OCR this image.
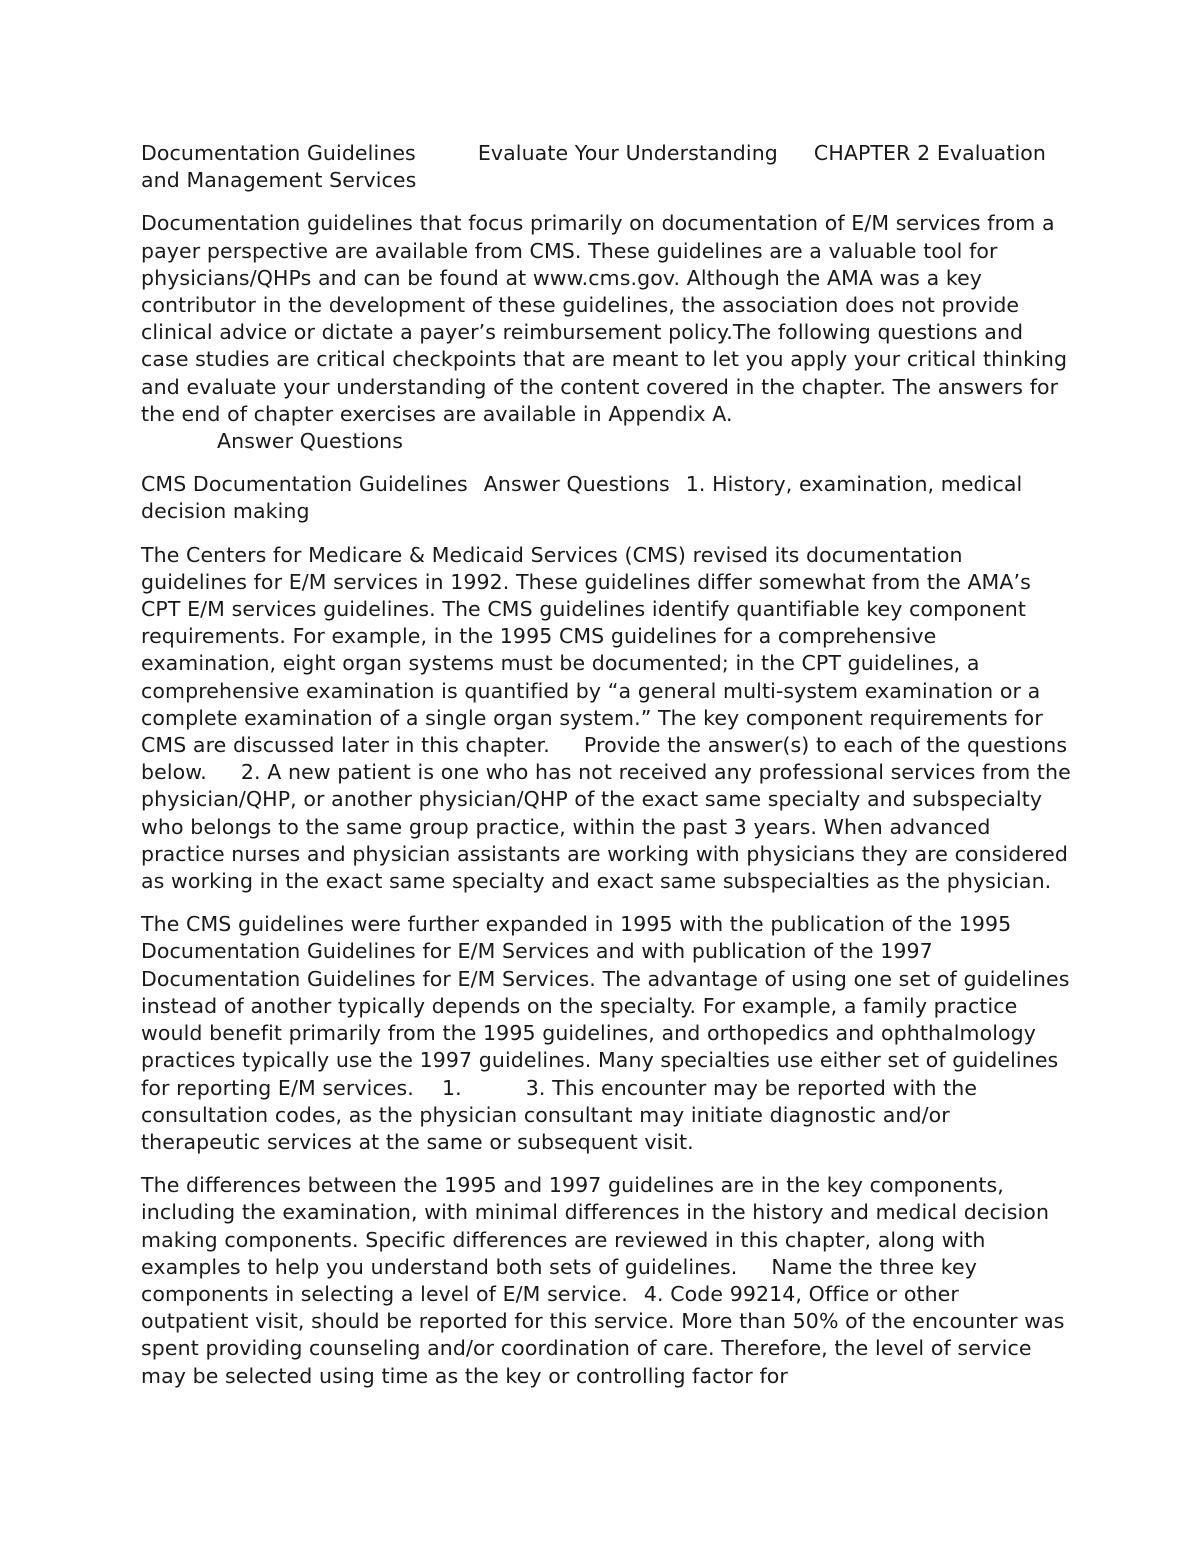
Documentation Guidelines	Evaluate Your Understanding CHAPTER 2 Evaluation and Management Services

Documentation guidelines that focus primarily on documentation of E/M services from a payer perspective are available from CMS. These guidelines are a valuable tool for physicians/QHPs and can be found at www.cms.gov. Although the AMA was a key contributor in the development of these guidelines, the association does not provide clinical advice or dictate a payer’s reimbursement policy.The following questions and case studies are critical checkpoints that are meant to let you apply your critical thinking and evaluate your understanding of the content covered in the chapter. The answers for the end of chapter exercises are available in Appendix A.
Answer Questions

CMS Documentation Guidelines Answer Questions 1. History, examination, medical decision making

The Centers for Medicare & Medicaid Services (CMS) revised its documentation guidelines for E/M services in 1992. These guidelines differ somewhat from the AMA’s CPT E/M services guidelines. The CMS guidelines identify quantifiable key component requirements. For example, in the 1995 CMS guidelines for a comprehensive examination, eight organ systems must be documented; in the CPT guidelines, a comprehensive examination is quantified by “a general multi-system examination or a complete examination of a single organ system.” The key component requirements for CMS are discussed later in this chapter. Provide the answer(s) to each of the questions below. 2. A new patient is one who has not received any professional services from the physician/QHP, or another physician/QHP of the exact same specialty and subspecialty who belongs to the same group practice, within the past 3 years. When advanced practice nurses and physician assistants are working with physicians they are considered as working in the exact same specialty and exact same subspecialties as the physician.

The CMS guidelines were further expanded in 1995 with the publication of the 1995 Documentation Guidelines for E/M Services and with publication of the 1997 Documentation Guidelines for E/M Services. The advantage of using one set of guidelines instead of another typically depends on the specialty. For example, a family practice would benefit primarily from the 1995 guidelines, and orthopedics and ophthalmology practices typically use the 1997 guidelines. Many specialties use either set of guidelines for reporting E/M services. 1.	3. This encounter may be reported with the consultation codes, as the physician consultant may initiate diagnostic and/or therapeutic services at the same or subsequent visit.

The differences between the 1995 and 1997 guidelines are in the key components, including the examination, with minimal differences in the history and medical decision making components. Specific differences are reviewed in this chapter, along with examples to help you understand both sets of guidelines. Name the three key components in selecting a level of E/M service. 4. Code 99214, Office or other outpatient visit, should be reported for this service. More than 50% of the encounter was spent providing counseling and/or coordination of care. Therefore, the level of service may be selected using time as the key or controlling factor for
